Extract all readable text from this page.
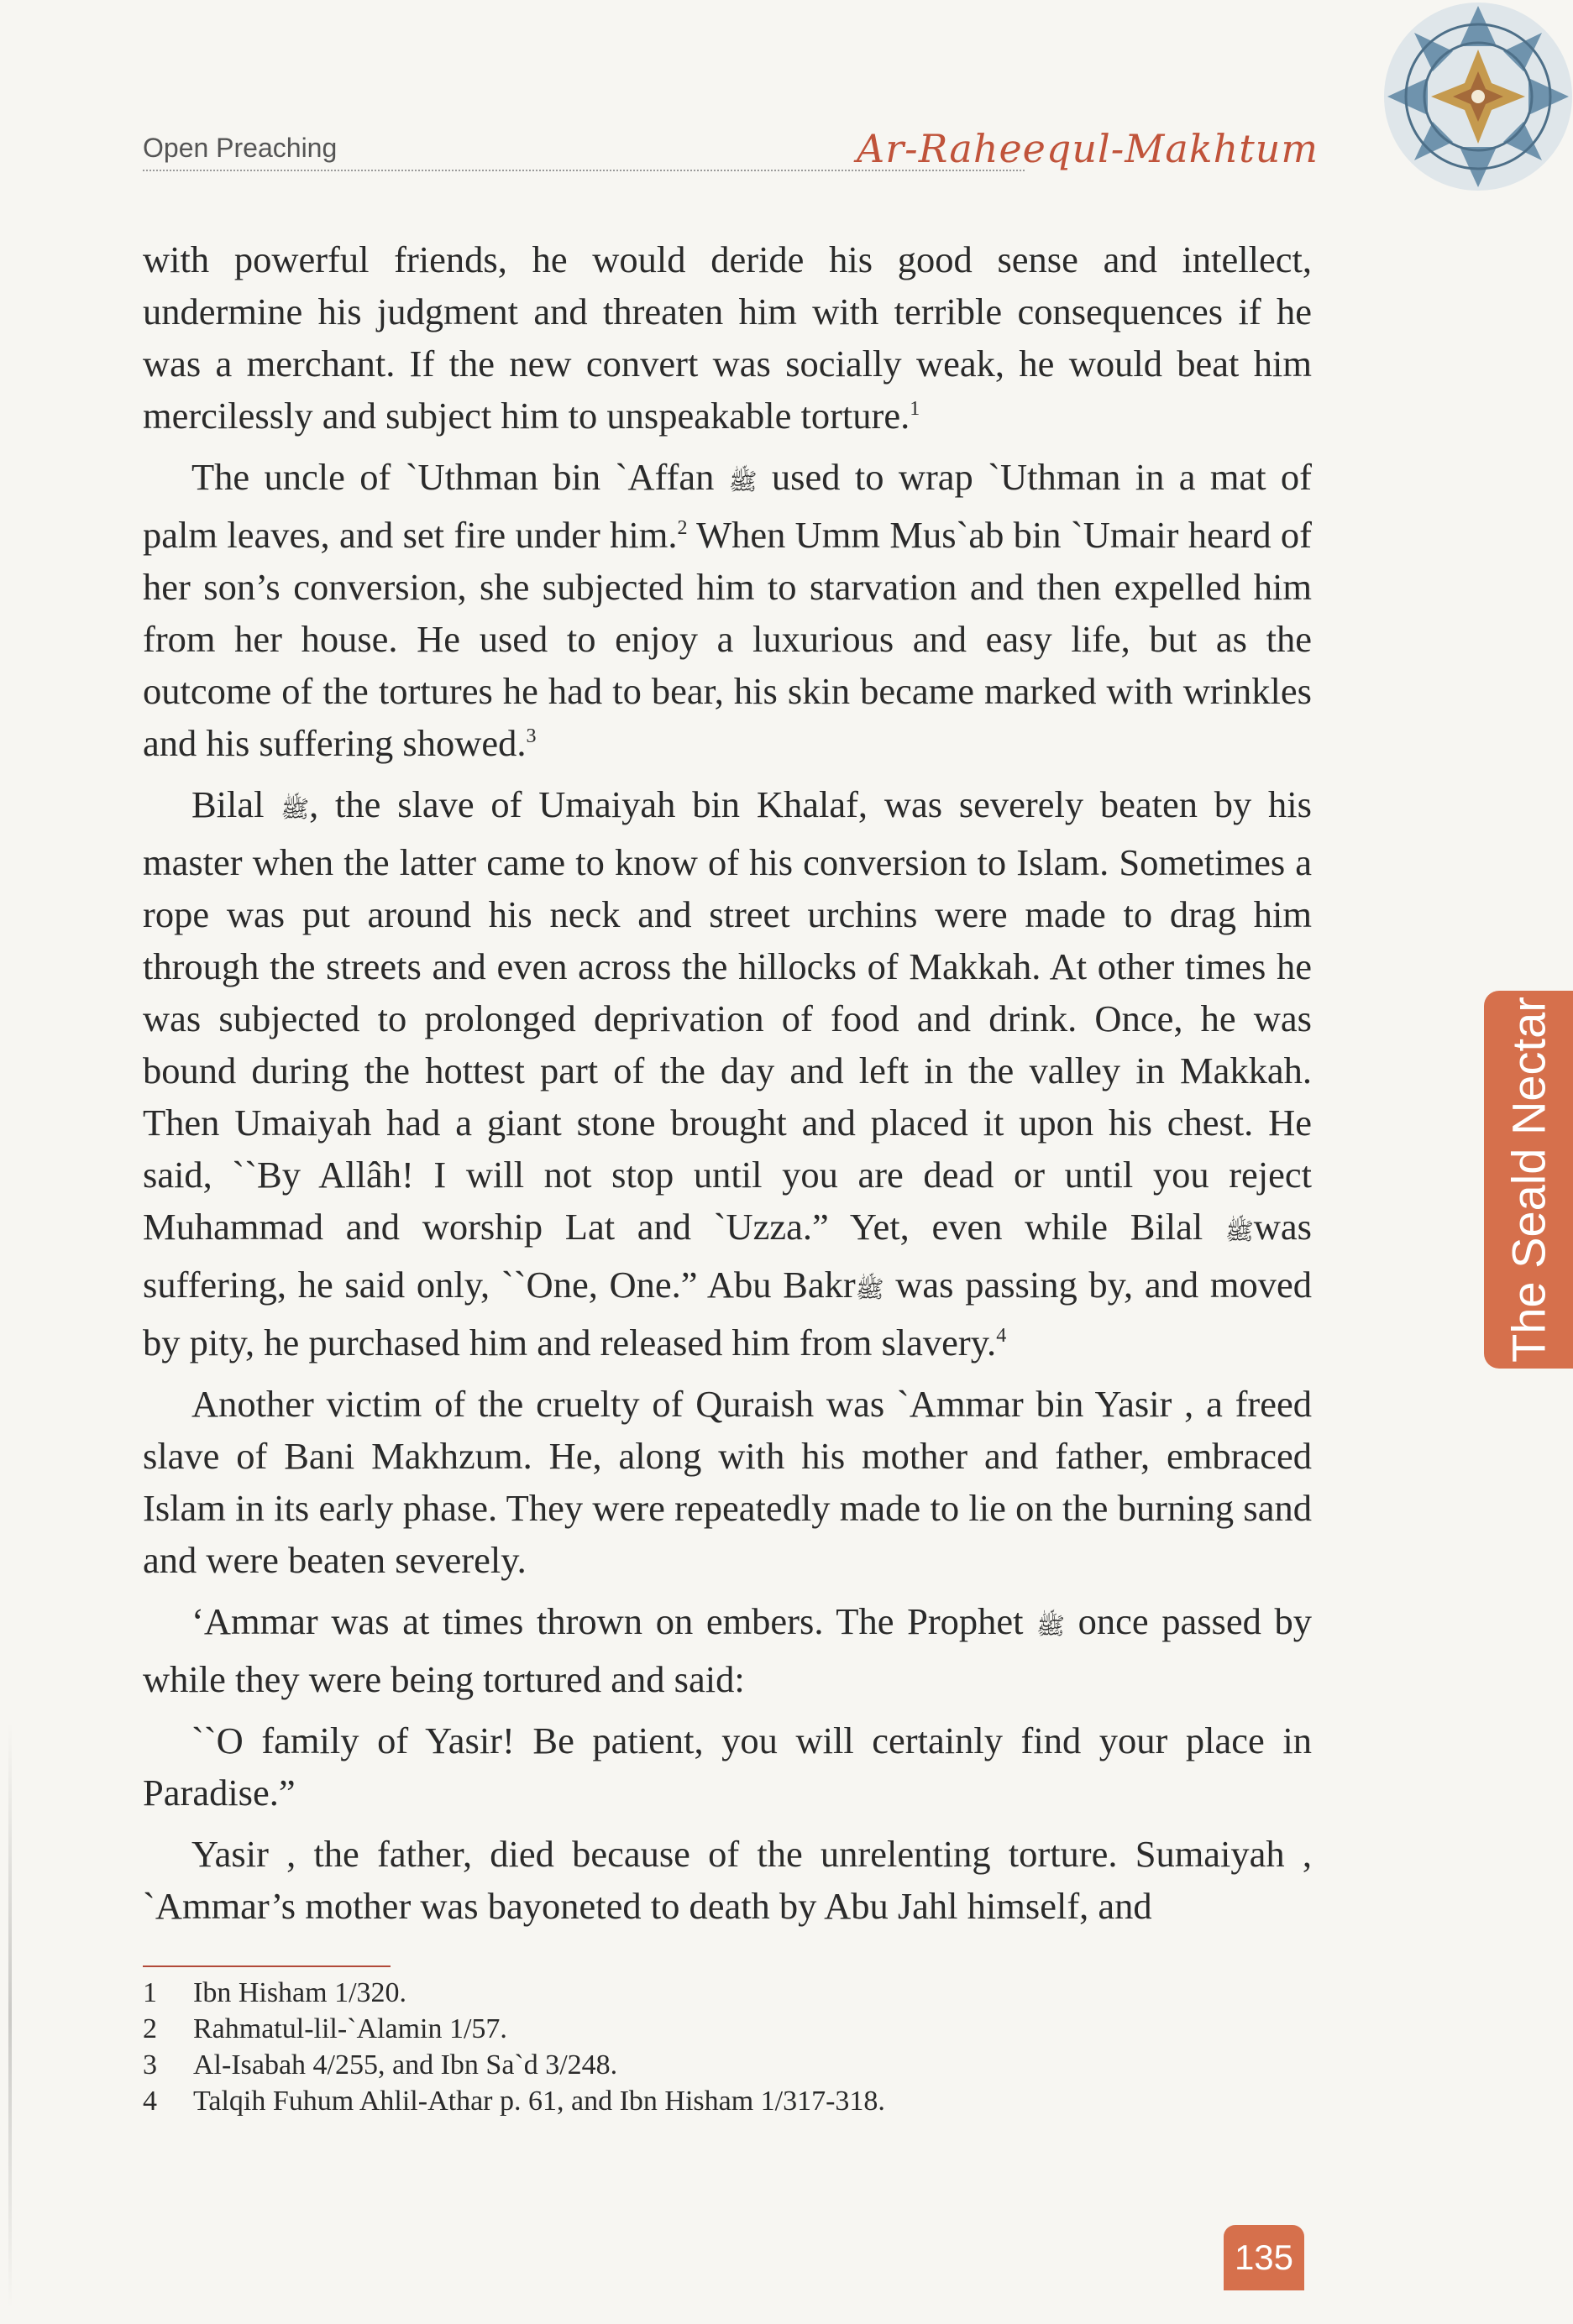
Open Preaching	Ar-Raheequl-Makhtum
The Seald Nectar

with powerful friends, he would deride his good sense and intellect, undermine his judgment and threaten him with terrible consequences if he was a merchant. If the new convert was socially weak, he would beat him mercilessly and subject him to unspeakable torture.$^1$

The uncle of `Uthman bin `Affan ﷺ used to wrap `Uthman in a mat of palm leaves, and set fire under him.$^2$ When Umm Mus`ab bin `Umair heard of her son’s conversion, she subjected him to starvation and then expelled him from her house. He used to enjoy a luxurious and easy life, but as the outcome of the tortures he had to bear, his skin became marked with wrinkles and his suffering showed.$^3$

Bilal ﷺ, the slave of Umaiyah bin Khalaf, was severely beaten by his master when the latter came to know of his conversion to Islam. Sometimes a rope was put around his neck and street urchins were made to drag him through the streets and even across the hillocks of Makkah. At other times he was subjected to prolonged deprivation of food and drink. Once, he was bound during the hottest part of the day and left in the valley in Makkah. Then Umaiyah had a giant stone brought and placed it upon his chest. He said, ``By Allâh! I will not stop until you are dead or until you reject Muhammad and worship Lat and `Uzza.” Yet, even while Bilal ﷺwas suffering, he said only, ``One, One.” Abu Bakrﷺ was passing by, and moved by pity, he purchased him and released him from slavery.$^4$

Another victim of the cruelty of Quraish was `Ammar bin Yasir , a freed slave of Bani Makhzum. He, along with his mother and father, embraced Islam in its early phase. They were repeatedly made to lie on the burning sand and were beaten severely.

‘Ammar was at times thrown on embers. The Prophet ﷺ once passed by while they were being tortured and said:

``O family of Yasir! Be patient, you will certainly find your place in Paradise.”

Yasir , the father, died because of the unrelenting torture. Sumaiyah , `Ammar’s mother was bayoneted to death by Abu Jahl himself, and

1	Ibn Hisham 1/320.
2	Rahmatul-lil-`Alamin 1/57.
3	Al-Isabah 4/255, and Ibn Sa`d 3/248.
4	Talqih Fuhum Ahlil-Athar p. 61, and Ibn Hisham 1/317-318.
135
